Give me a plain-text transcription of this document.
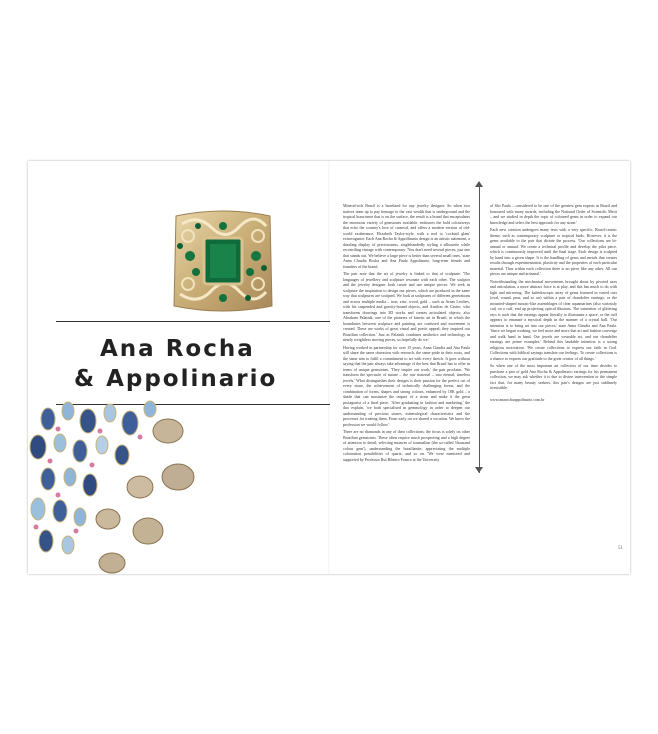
Ana Rocha
& Appolinario

Mineral-rich Brazil is a heartland for any jewelry designer. So when two natives team up to pay homage to the vast wealth that is underground and the tropical luxuriance that is on the surface, the result is a brand that encapsulates the enormous variety of gemstones available, embraces the bold colourways that echo the country's love of carnival, and offers a modern version of old-world exuberance, Elizabeth Taylor-style, with a nod to 'cocktail glam' extravagance. Each Ana Rocha & Appollinario design is an artistic statement, a dazzling display of preciousness, singlehandedly styling a silhouette while reconciling vintage with contemporary. 'You don't need several pieces; just one that stands out. We believe a large piece is better than several small ones,' state Anna Claudia Rocha and Ana Paula Appolinario, long-term friends and founders of the brand.

The pair note that the art of jewelry is linked to that of sculpture. 'The languages of jewellery and sculpture resonate with each other. The sculptor and the jewelry designer both create and use unique pieces. We seek in sculpture the inspiration to design our pieces, which are produced in the same way that sculptures are sculpted. We look at sculptures of different generations and across multiple media – iron, zinc, wood, gold – such as Arnas Letchev, with his suspended and gravity-bound objects, and Amilcar de Castro, who transforms drawings into 3D works and creates articulated objects; also Abraham Palatnik, one of the pioneers of kinetic art in Brazil, in which the boundaries between sculpture and painting are confused and movement is created. These are works of great visual and poetic appeal; they inspired our Brazilian collection.' Just as Palatnik combines aesthetics and technology in nearly weightless moving pieces, so hopefully do we.'

Having worked in partnership for over 15 years, Anna Claudia and Ana Paula still share the same obsession with research, the same pride in their roots, and the same aim to fulfil a commitment to art with every sketch. It goes without saying that the pair always take advantage of the best that Brazil has to offer in terms of unique gemstones. 'They inspire our work,' the pair proclaim. 'We transform the spectacle of nature – the raw material – into eternal, timeless jewels.' What distinguishes their designs is their passion for the perfect cut of every stone, the achievement of technically challenging forms, and the combination of forms, shapes and strong colours, enhanced by 18K gold – a shade that can maximize the impact of a stone and make it the great protagonist of a final piece. 'After graduating in fashion and marketing,' the duo explain, 'we both specialised in gemmology in order to deepen our understanding of precious stones, mineralogical characteristics and the processes for treating them. From early on we shared a vocation. We knew the profession we would follow.'

There are no diamonds in any of their collections; the focus is solely on other Brazilian gemstones. These often require much prospecting and a high degree of attention to detail: selecting nuances of tourmaline (the so-called 'thousand colour gem'), understanding the brazilianite, appreciating the multiple colouration possibilities of quartz, and so on. 'We were mentored and supported by Professor Rui Ribeiro Franco at the University

of São Paulo – considered to be one of the greatest gem experts in Brazil and honoured with many awards, including the National Order of Scientific Merit – and we studied in depth the topic of coloured gems in order to expand our knowledge and select the best approach for any stone.'

Each new creation undergoes many tests with a very specific, Brazil-centric theme, such as contemporary sculpture or tropical birds. However, it is the gems available to the pair that dictate the process. 'Our collections are bi-annual or annual. We create a technical profile and develop the pilot piece, which is continuously improved until the final stage. Each design is sculpted by hand into a given shape. It is the handling of gems and metals that creates results through experimentation, plasticity and the properties of each particular material. Thus within each collection there is no piece like any other. All our pieces are unique and artisanal.'

Notwithstanding the mechanical movements brought about by pivoted axes and articulation, a more abstract force is at play, and this has much to do with light and mirroring. The kaleidoscopic array of gems featured in varied cuts (oval, round, pear, and so on) within a pair of chandelier earrings, or the mounted-shaped mosaic-like assemblages of clear aquamarines (also variously cut) on a cuff, end up projecting optical illusions. The saturation of glittering rays is such that the earrings appear literally to illuminate a space, or the cuff appears to emanate a mystical depth in the manner of a crystal ball. 'Our intention is to bring art into our pieces,' state Anna Claudia and Ana Paula. 'Since we began working, we feel more and more that art and fashion converge and walk hand in hand. Our jewels are wearable art, and our chandelier earrings are prime examples.' Behind this laudable intention is a strong religious motivation. 'We create collections to express our faith in God. Collections with biblical sayings translate our feelings. To create collections is a chance to express our gratitude to the great creator of all things.'

So when one of the most important art collectors of our time decides to purchase a pair of gold Ana Rocha & Appolinario earrings for his permanent collection, we may ask whether it is due to divine intervention or the simple fact that, for many beauty seekers, this pair's designs are just sublimely irresistible.

www.anarochaappolinario.com.br

51
